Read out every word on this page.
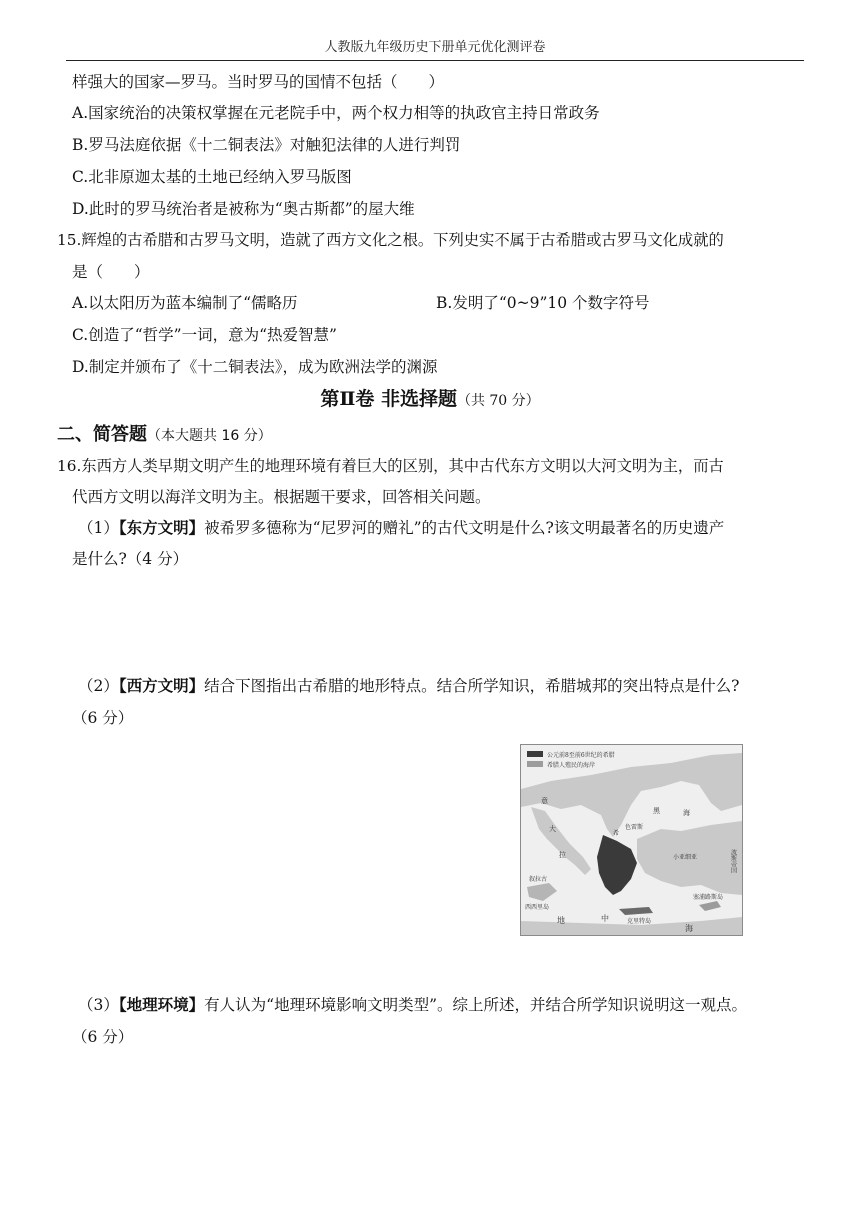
人教版九年级历史下册单元优化测评卷
样强大的国家—罗马。当时罗马的国情不包括（　　）
A.国家统治的决策权掌握在元老院手中，两个权力相等的执政官主持日常政务
B.罗马法庭依据《十二铜表法》对触犯法律的人进行判罚
C.北非原迦太基的土地已经纳入罗马版图
D.此时的罗马统治者是被称为“奥古斯都”的屋大维
15.辉煌的古希腊和古罗马文明，造就了西方文化之根。下列史实不属于古希腊或古罗马文化成就的
是（　　）
A.以太阳历为蓝本编制了“儒略历	B.发明了“0~9”10 个数字符号
C.创造了“哲学”一词，意为“热爱智慧”
D.制定并颁布了《十二铜表法》，成为欧洲法学的渊源
第Ⅱ卷 非选择题（共 70 分）
二、简答题（本大题共 16 分）
16.东西方人类早期文明产生的地理环境有着巨大的区别，其中古代东方文明以大河文明为主，而古
代西方文明以海洋文明为主。根据题干要求，回答相关问题。
（1）【东方文明】被希罗多德称为“尼罗河的赠礼”的古代文明是什么?该文明最著名的历史遗产
是什么?（4 分）
（2）【西方文明】结合下图指出古希腊的地形特点。结合所学知识，希腊城邦的突出特点是什么?
（6 分）
公元前8至前6世纪的希腊
希腊人殖民的海岸
黑	海
意
大
拉
希
色雷斯
小亚细亚	波斯帝国
叙拉古
西西里岛
地	中
海
克里特岛
塞浦路斯岛
（3）【地理环境】有人认为“地理环境影响文明类型”。综上所述，并结合所学知识说明这一观点。
（6 分）
